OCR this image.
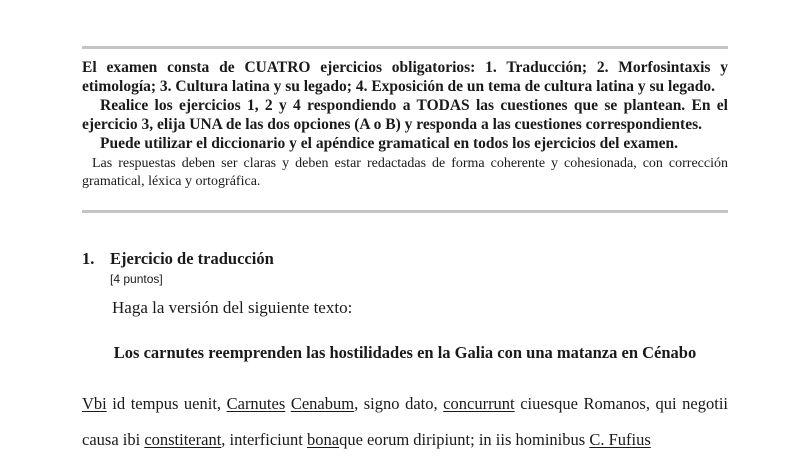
El examen consta de CUATRO ejercicios obligatorios: 1. Traducción; 2. Morfosintaxis y etimología; 3. Cultura latina y su legado; 4. Exposición de un tema de cultura latina y su legado.

Realice los ejercicios 1, 2 y 4 respondiendo a TODAS las cuestiones que se plantean. En el ejercicio 3, elija UNA de las dos opciones (A o B) y responda a las cuestiones correspondientes.

Puede utilizar el diccionario y el apéndice gramatical en todos los ejercicios del examen.

Las respuestas deben ser claras y deben estar redactadas de forma coherente y cohesionada, con corrección gramatical, léxica y ortográfica.

1. Ejercicio de traducción
[4 puntos]
Haga la versión del siguiente texto:
Los carnutes reemprenden las hostilidades en la Galia con una matanza en Cénabo

Vbi id tempus uenit, Carnutes Cenabum, signo dato, concurrunt ciuesque Romanos, qui negotii causa ibi constiterant, interficiunt bonaque eorum diripiunt; in iis hominibus C. Fufius
